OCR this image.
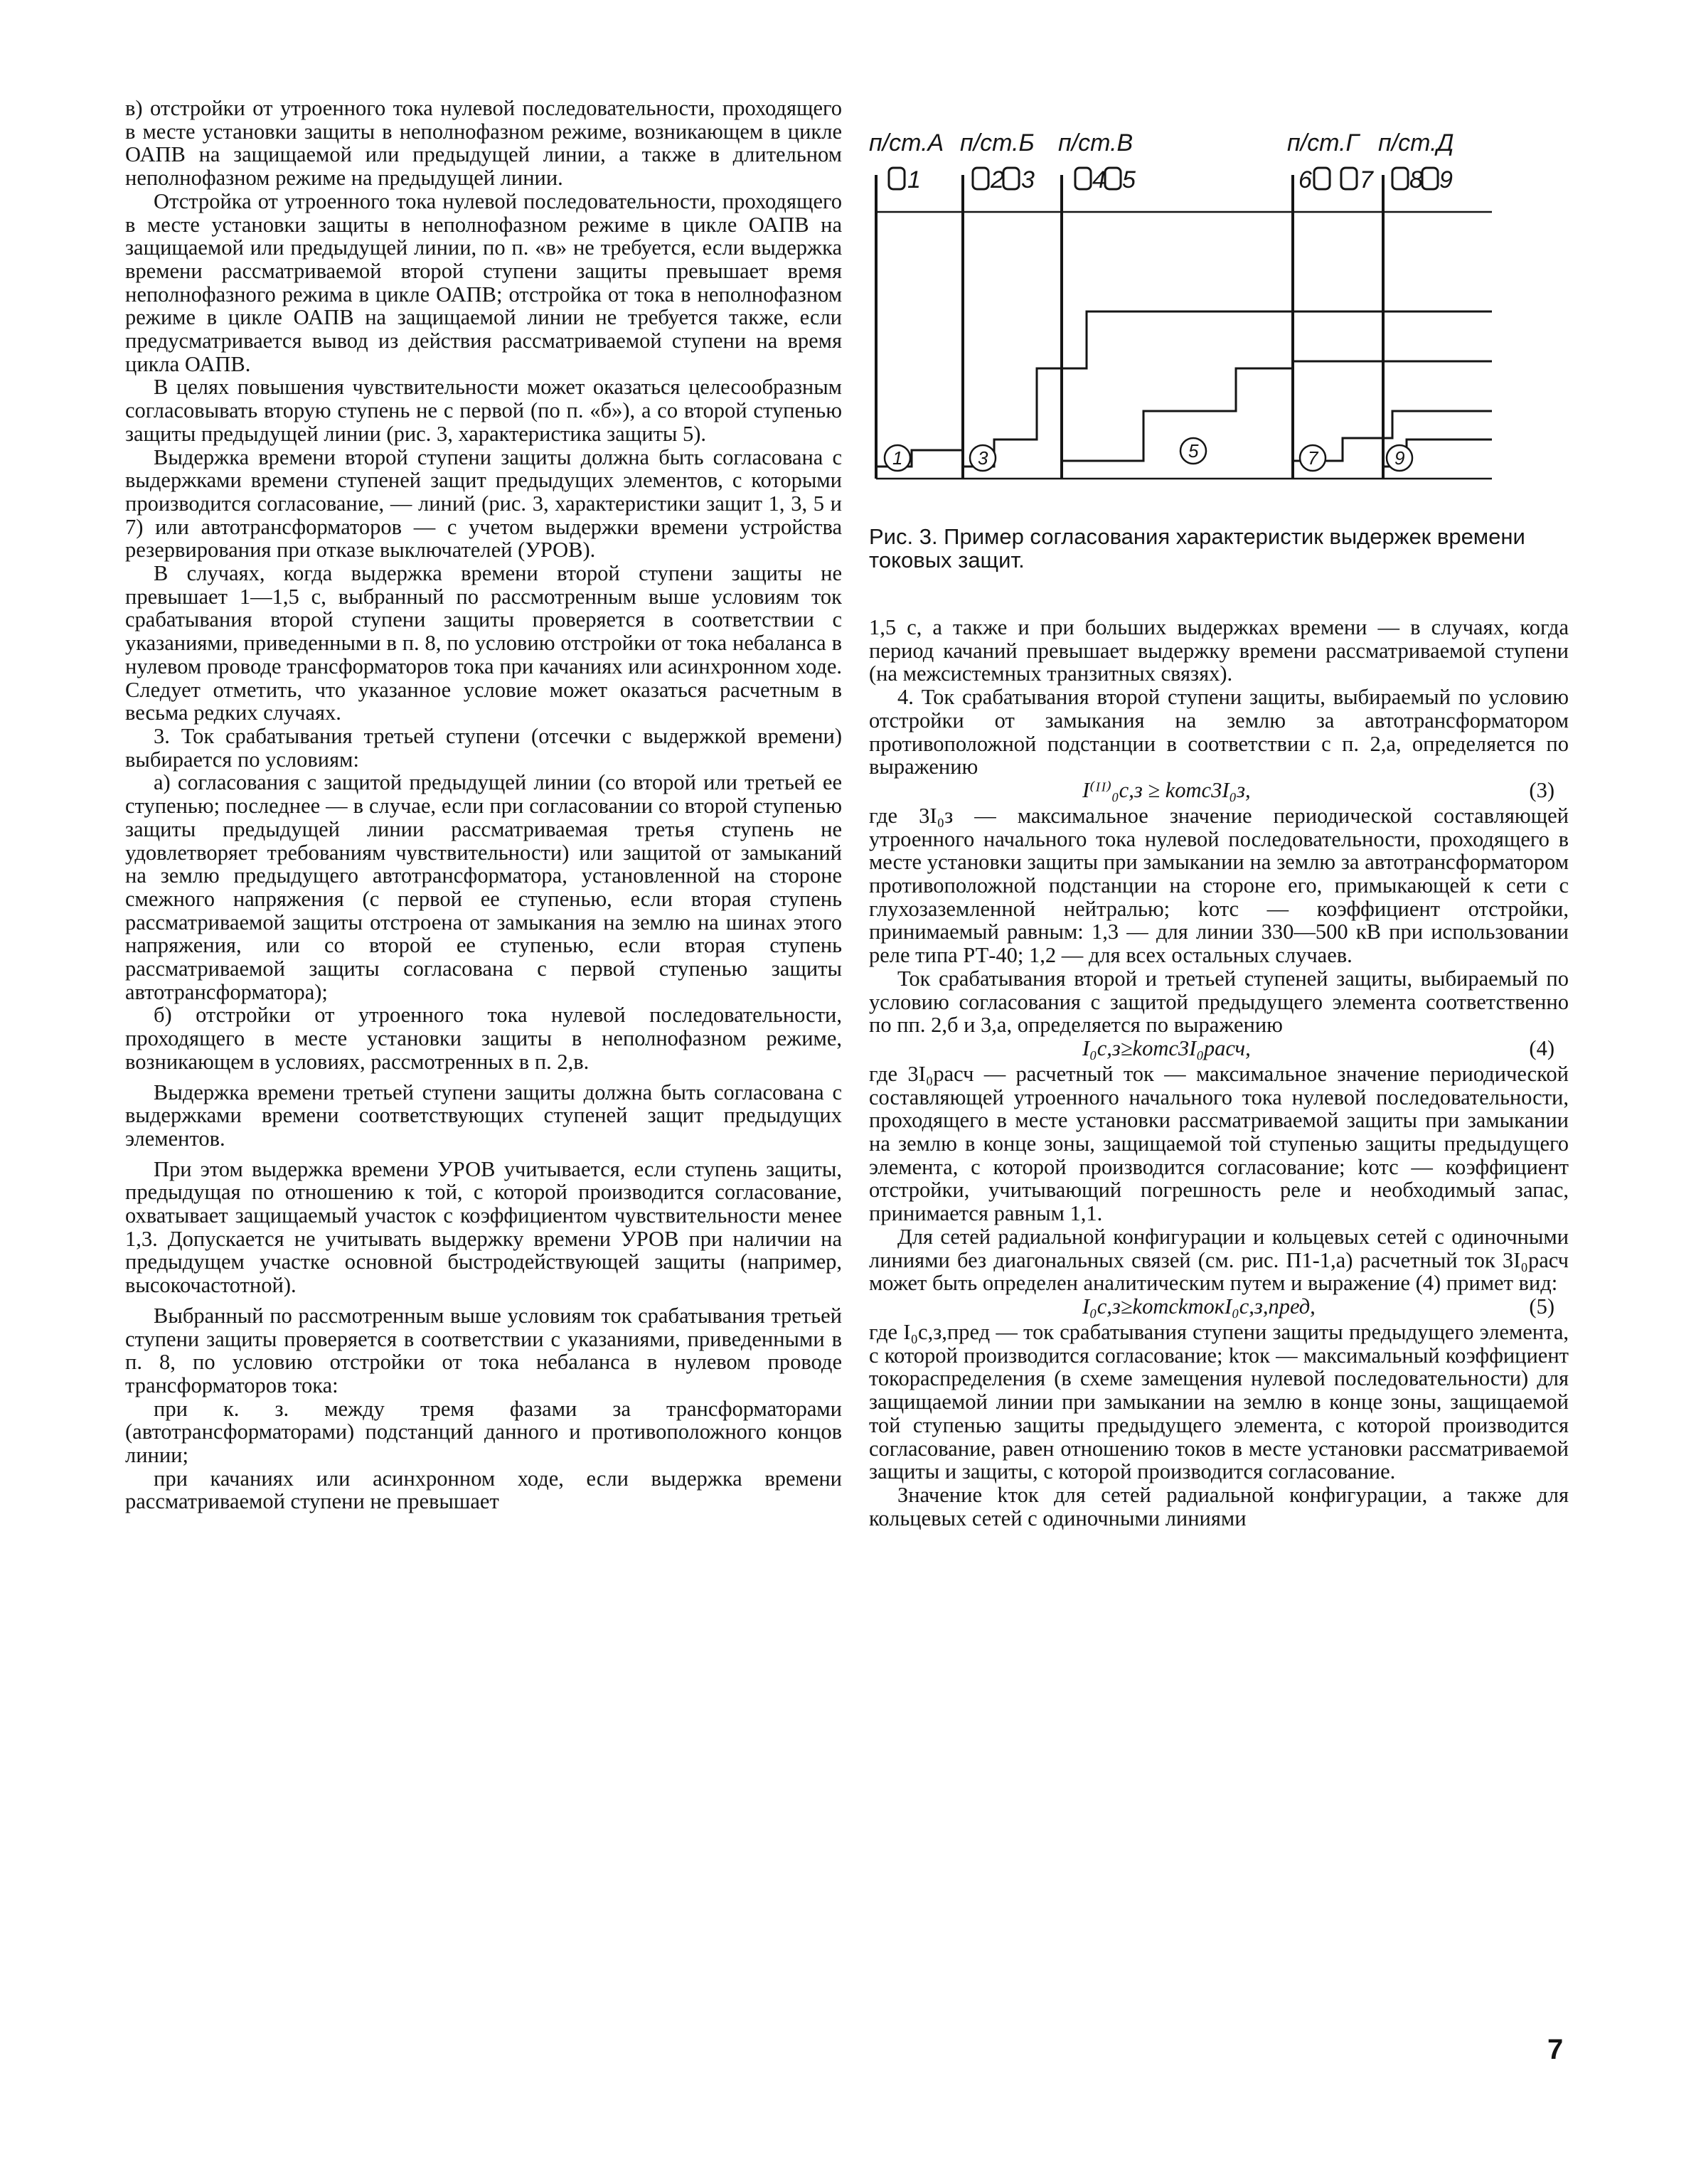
в) отстройки от утроенного тока нулевой последовательности, проходящего в месте установки защиты в неполнофазном режиме, возникающем в цикле ОАПВ на защищаемой или предыдущей линии, а также в длительном неполнофазном режиме на предыдущей линии.

Отстройка от утроенного тока нулевой последовательности, проходящего в месте установки защиты в неполнофазном режиме в цикле ОАПВ на защищаемой или предыдущей линии, по п. «в» не требуется, если выдержка времени рассматриваемой второй ступени защиты превышает время неполнофазного режима в цикле ОАПВ; отстройка от тока в неполнофазном режиме в цикле ОАПВ на защищаемой линии не требуется также, если предусматривается вывод из действия рассматриваемой ступени на время цикла ОАПВ.

В целях повышения чувствительности может оказаться целесообразным согласовывать вторую ступень не с первой (по п. «б»), а со второй ступенью защиты предыдущей линии (рис. 3, характеристика защиты 5).

Выдержка времени второй ступени защиты должна быть согласована с выдержками времени ступеней защит предыдущих элементов, с которыми производится согласование, — линий (рис. 3, характеристики защит 1, 3, 5 и 7) или автотрансформаторов — с учетом выдержки времени устройства резервирования при отказе выключателей (УРОВ).

В случаях, когда выдержка времени второй ступени защиты не превышает 1—1,5 с, выбранный по рассмотренным выше условиям ток срабатывания второй ступени защиты проверяется в соответствии с указаниями, приведенными в п. 8, по условию отстройки от тока небаланса в нулевом проводе трансформаторов тока при качаниях или асинхронном ходе. Следует отметить, что указанное условие может оказаться расчетным в весьма редких случаях.

3. Ток срабатывания третьей ступени (отсечки с выдержкой времени) выбирается по условиям:

а) согласования с защитой предыдущей линии (со второй или третьей ее ступенью; последнее — в случае, если при согласовании со второй ступенью защиты предыдущей линии рассматриваемая третья ступень не удовлетворяет требованиям чувствительности) или защитой от замыканий на землю предыдущего автотрансформатора, установленной на стороне смежного напряжения (с первой ее ступенью, если вторая ступень рассматриваемой защиты отстроена от замыкания на землю на шинах этого напряжения, или со второй ее ступенью, если вторая ступень рассматриваемой защиты согласована с первой ступенью защиты автотрансформатора);

б) отстройки от утроенного тока нулевой последовательности, проходящего в месте установки защиты в неполнофазном режиме, возникающем в условиях, рассмотренных в п. 2,в.

Выдержка времени третьей ступени защиты должна быть согласована с выдержками времени соответствующих ступеней защит предыдущих элементов.

При этом выдержка времени УРОВ учитывается, если ступень защиты, предыдущая по отношению к той, с которой производится согласование, охватывает защищаемый участок с коэффициентом чувствительности менее 1,3. Допускается не учитывать выдержку времени УРОВ при наличии на предыдущем участке основной быстродействующей защиты (например, высокочастотной).

Выбранный по рассмотренным выше условиям ток срабатывания третьей ступени защиты проверяется в соответствии с указаниями, приведенными в п. 8, по условию отстройки от тока небаланса в нулевом проводе трансформаторов тока:

при к. з. между тремя фазами за трансформаторами (автотрансформаторами) подстанций данного и противоположного концов линии;

при качаниях или асинхронном ходе, если выдержка времени рассматриваемой ступени не превышает

п/ст.А п/ст.Б п/ст.В	п/ст.Г п/ст.Д
1	2 3 4 5	6 7 8 9
1	3	5	7	9
Рис. 3. Пример согласования характеристик выдержек времени токовых защит.

1,5 с, а также и при больших выдержках времени — в случаях, когда период качаний превышает выдержку времени рассматриваемой ступени (на межсистемных транзитных связях).

4. Ток срабатывания второй ступени защиты, выбираемый по условию отстройки от замыкания на землю за автотрансформатором противоположной подстанции в соответствии с п. 2,а, определяется по выражению

I⁽ᴵᴵ⁾₀c,з ≥ kотс3I₀з,	(3)

где 3I₀з — максимальное значение периодической составляющей утроенного начального тока нулевой последовательности, проходящего в месте установки защиты при замыкании на землю за автотрансформатором противоположной подстанции на стороне его, примыкающей к сети с глухозаземленной нейтралью; kотс — коэффициент отстройки, принимаемый равным: 1,3 — для линии 330—500 кВ при использовании реле типа РТ-40; 1,2 — для всех остальных случаев.

Ток срабатывания второй и третьей ступеней защиты, выбираемый по условию согласования с защитой предыдущего элемента соответственно по пп. 2,б и 3,а, определяется по выражению

I₀c,з≥kотс3I₀расч,	(4)

где 3I₀расч — расчетный ток — максимальное значение периодической составляющей утроенного начального тока нулевой последовательности, проходящего в месте установки рассматриваемой защиты при замыкании на землю в конце зоны, защищаемой той ступенью защиты предыдущего элемента, с которой производится согласование; kотс — коэффициент отстройки, учитывающий погрешность реле и необходимый запас, принимается равным 1,1.

Для сетей радиальной конфигурации и кольцевых сетей с одиночными линиями без диагональных связей (см. рис. П1-1,а) расчетный ток 3I₀расч может быть определен аналитическим путем и выражение (4) примет вид:

I₀c,з≥kотсkтокI₀c,з,пред,	(5)

где I₀c,з,пред — ток срабатывания ступени защиты предыдущего элемента, с которой производится согласование; kток — максимальный коэффициент токораспределения (в схеме замещения нулевой последовательности) для защищаемой линии при замыкании на землю в конце зоны, защищаемой той ступенью защиты предыдущего элемента, с которой производится согласование, равен отношению токов в месте установки рассматриваемой защиты и защиты, с которой производится согласование.

Значение kток для сетей радиальной конфигурации, а также для кольцевых сетей с одиночными линиями

7
